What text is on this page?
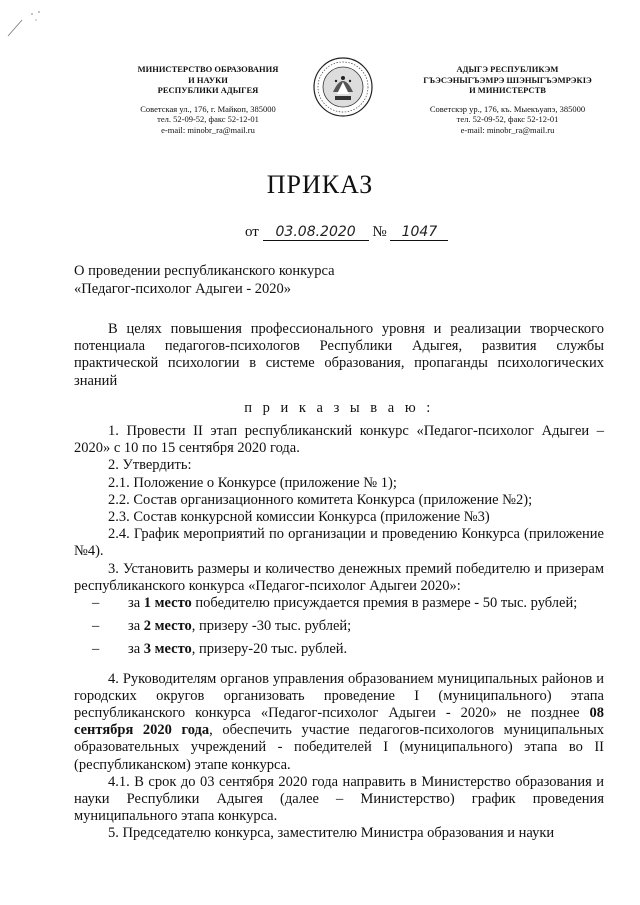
МИНИСТЕРСТВО ОБРАЗОВАНИЯ
И НАУКИ
РЕСПУБЛИКИ АДЫГЕЯ
Советская ул., 176, г. Майкоп, 385000
тел. 52-09-52, факс 52-12-01
e-mail: minobr_ra@mail.ru
АДЫГЭ РЕСПУБЛИКЭМ
ГЪЭСЭНЫГЪЭМРЭ ШІЭНЫГЪЭМРЭКІЭ
И МИНИСТЕРСТВ
Советскэр ур., 176, къ. Мыекъуапэ, 385000
тел. 52-09-52, факс 52-12-01
e-mail: minobr_ra@mail.ru
ПРИКАЗ
от 03.08.2020 № 1047
О проведении республиканского конкурса
«Педагог-психолог Адыгеи - 2020»

В целях повышения профессионального уровня и реализации творческого потенциала педагогов-психологов Республики Адыгея, развития службы практической психологии в системе образования, пропаганды психологических знаний

п р и к а з ы в а ю :

1. Провести II этап республиканский конкурс «Педагог-психолог Адыгеи – 2020» с 10 по 15 сентября 2020 года.

2. Утвердить:

2.1. Положение о Конкурсе (приложение № 1);

2.2. Состав организационного комитета Конкурса (приложение №2);

2.3. Состав конкурсной комиссии Конкурса (приложение №3)

2.4. График мероприятий по организации и проведению Конкурса (приложение №4).

3. Установить размеры и количество денежных премий победителю и призерам республиканского конкурса «Педагог-психолог Адыгеи 2020»:

–	за 1 место победителю присуждается премия в размере - 50 тыс. рублей;
–	за 2 место, призеру -30 тыс. рублей;
–	за 3 место, призеру-20 тыс. рублей.

4. Руководителям органов управления образованием муниципальных районов и городских округов организовать проведение I (муниципального) этапа республиканского конкурса «Педагог-психолог Адыгеи - 2020» не позднее 08 сентября 2020 года, обеспечить участие педагогов-психологов муниципальных образовательных учреждений - победителей I (муниципального) этапа во II (республиканском) этапе конкурса.

4.1. В срок до 03 сентября 2020 года направить в Министерство образования и науки Республики Адыгея (далее – Министерство) график проведения муниципального этапа конкурса.

5. Председателю конкурса, заместителю Министра образования и науки
